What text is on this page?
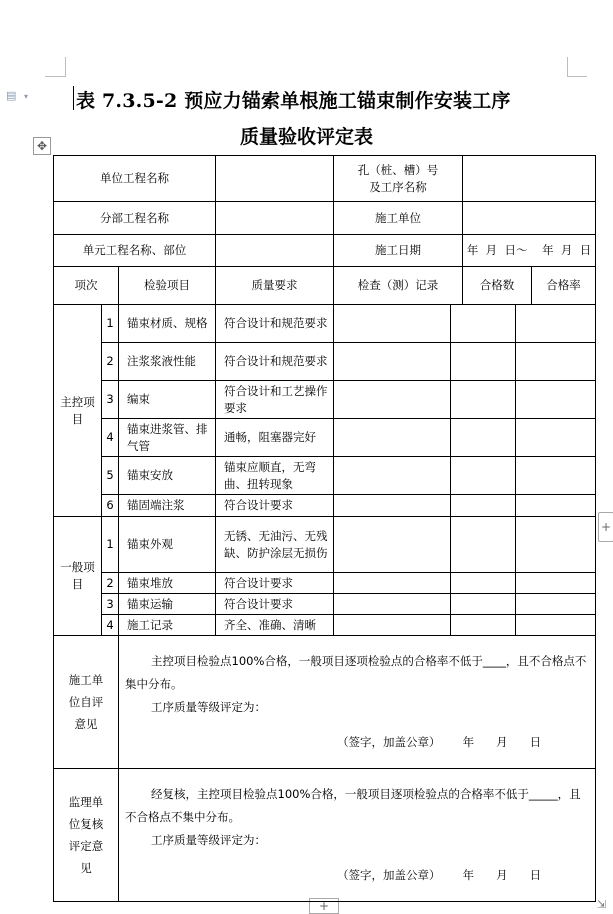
▤ ▾
✥
+
+	⇲
表 7.3.5-2 预应力锚索单根施工锚束制作安装工序
质量验收评定表
单位工程名称				孔（桩、槽）号
及工序名称				
分部工程名称				施工单位				
单元工程名称、部位				施工日期		年  月  日～    年  月  日		
项次		检验项目	质量要求	检查（测）记录		合格数		合格率
主控项目	1	锚束材质、规格	符合设计和规范要求					
	2	注浆浆液性能	符合设计和规范要求					
	3	编束	符合设计和工艺操作要求					
	4	锚束进浆管、排气管	通畅，阻塞器完好					
	5	锚束安放	锚束应顺直，无弯曲、扭转现象					
	6	锚固端注浆	符合设计要求					
一般项目	1	锚束外观	无锈、无油污、无残缺、防护涂层无损伤					
	2	锚束堆放	符合设计要求					
	3	锚束运输	符合设计要求					
	4	施工记录	齐全、准确、清晰					
施工单位自评意见		主控项目检验点100%合格，一般项目逐项检验点的合格率不低于____，且不合格点不集中分布。
工序质量等级评定为：
（签字，加盖公章） 年 月 日						

监理单位复核评定意见		经复核，主控项目检验点100%合格，一般项目逐项检验点的合格率不低于_____，且不合格点不集中分布。
工序质量等级评定为：
（签字，加盖公章） 年 月 日						
